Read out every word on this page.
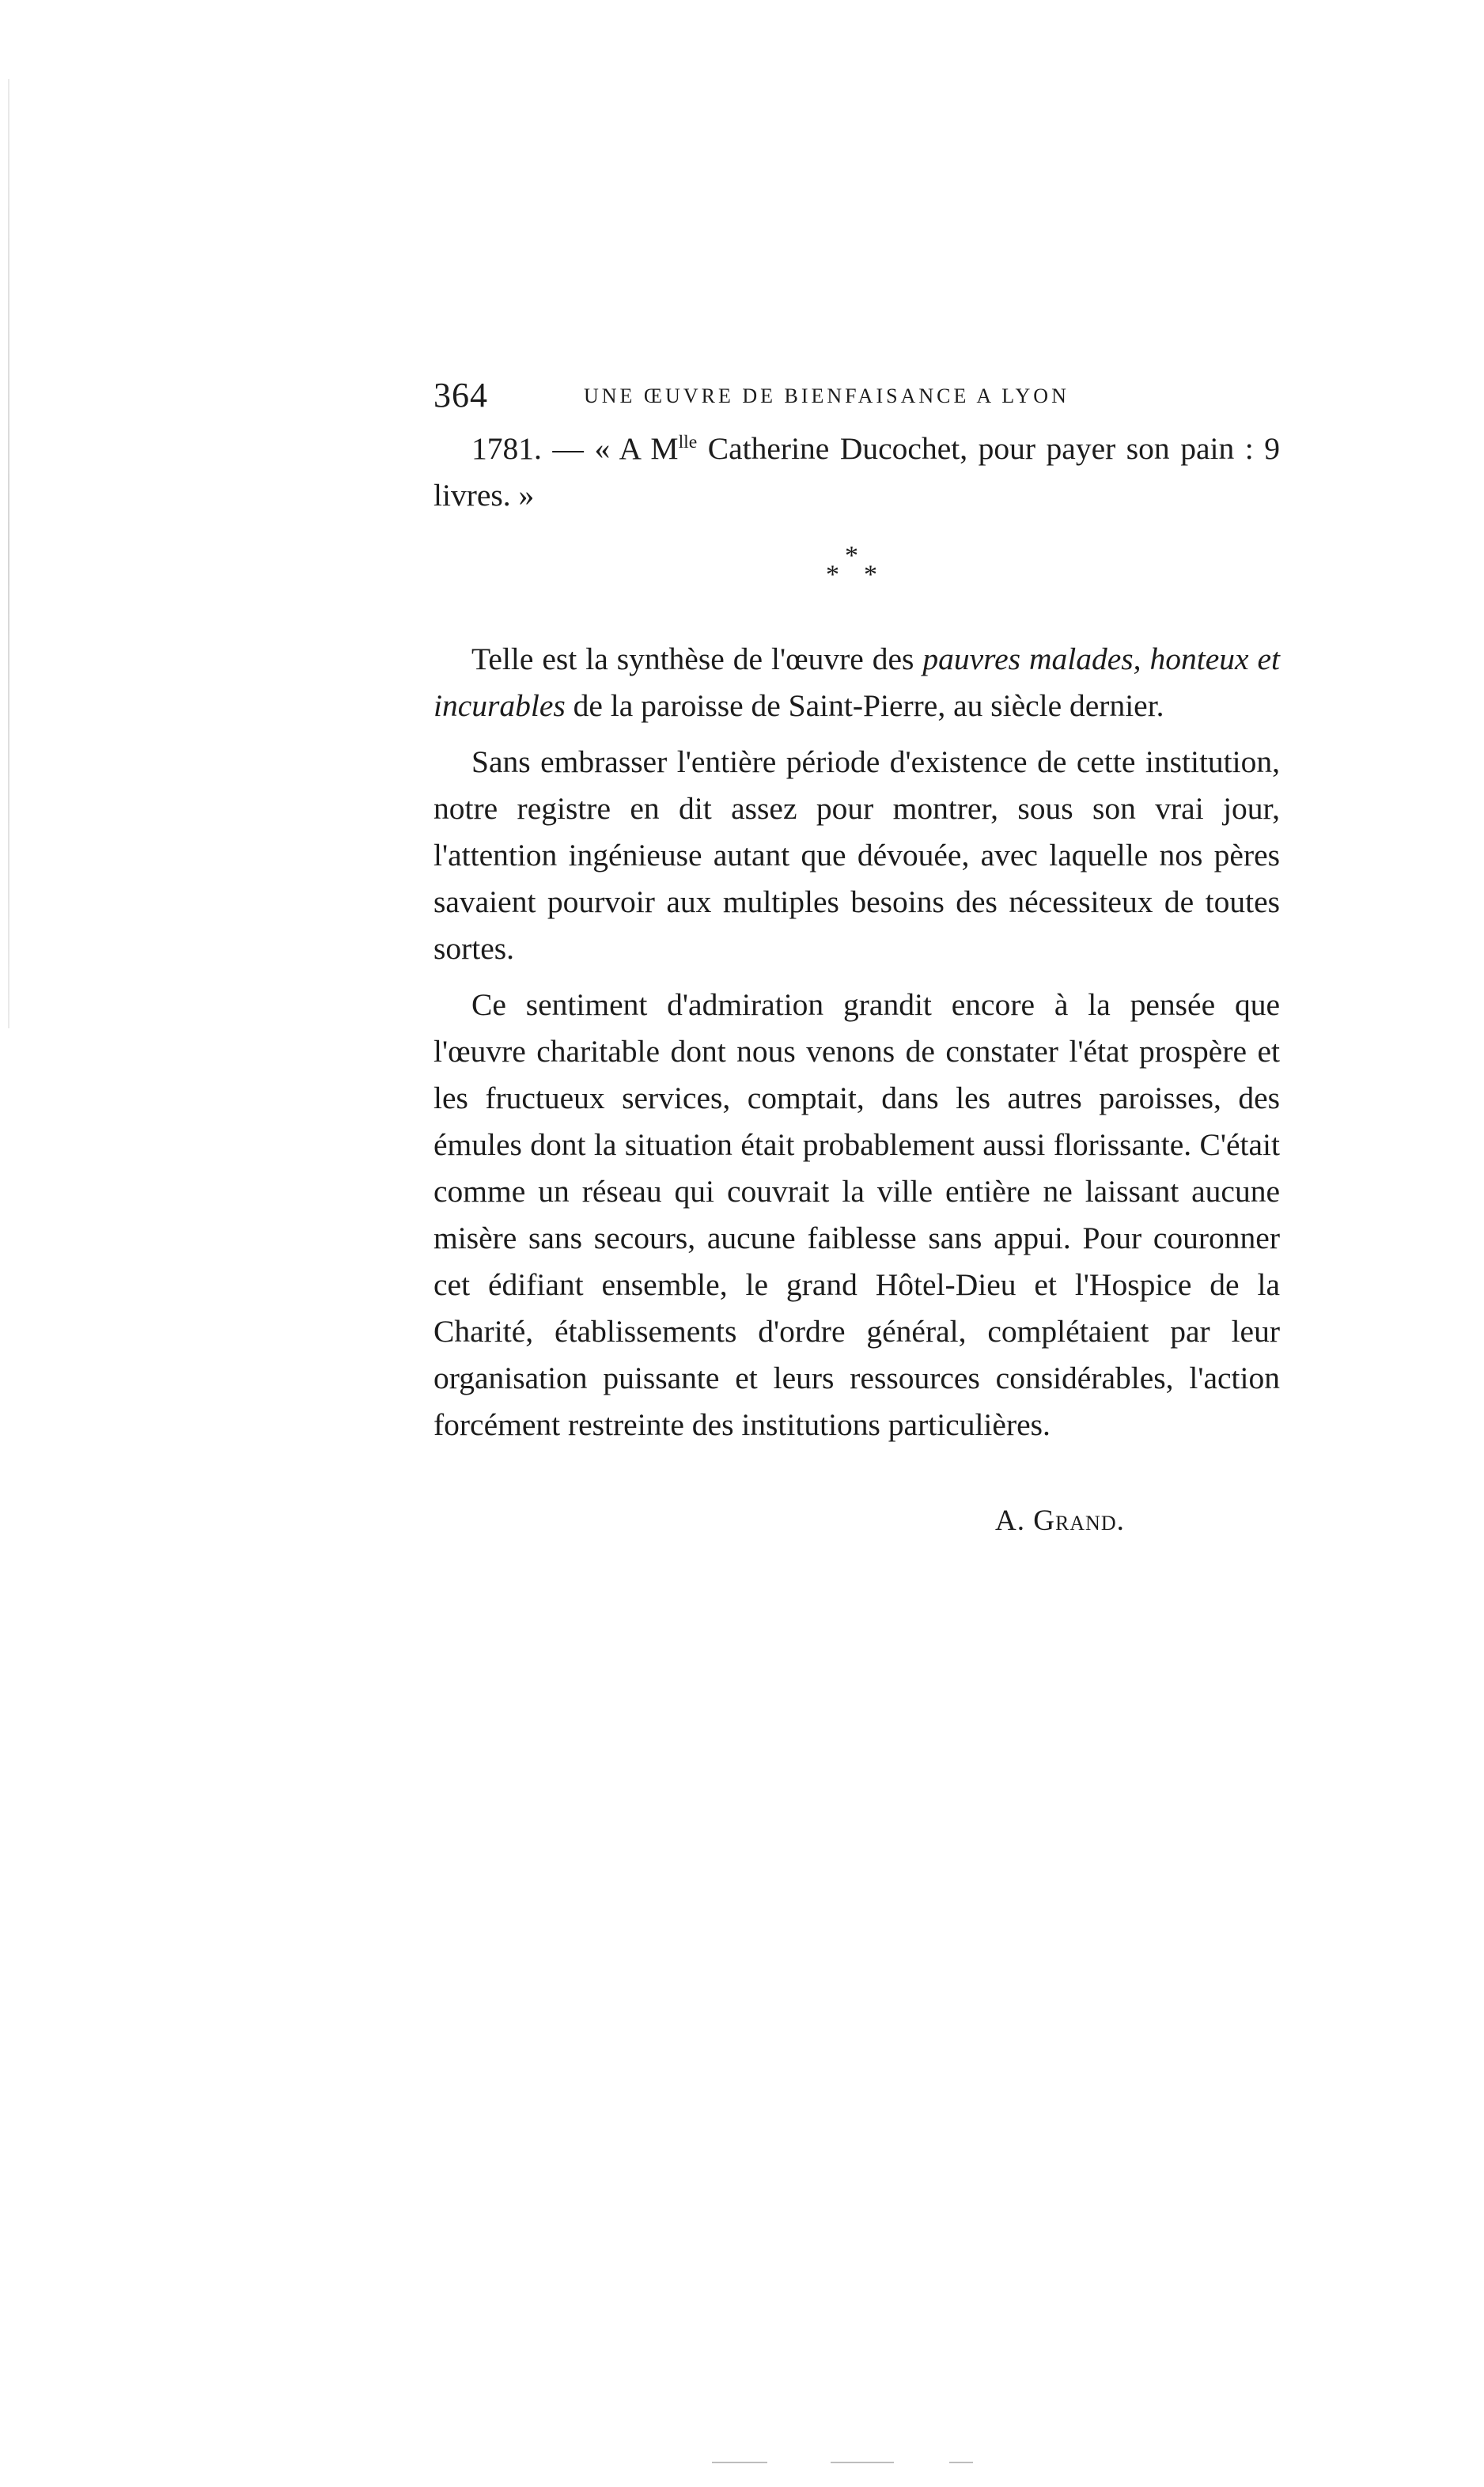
364	UNE ŒUVRE DE BIENFAISANCE A LYON

1781. — « A $M^{lle}$ Catherine Ducochet, pour payer son pain : 9 livres. »

*
* *

Telle est la synthèse de l'œuvre des pauvres malades, honteux et incurables de la paroisse de Saint-Pierre, au siècle dernier.

Sans embrasser l'entière période d'existence de cette institution, notre registre en dit assez pour montrer, sous son vrai jour, l'attention ingénieuse autant que dévouée, avec laquelle nos pères savaient pourvoir aux multiples besoins des nécessiteux de toutes sortes.

Ce sentiment d'admiration grandit encore à la pensée que l'œuvre charitable dont nous venons de constater l'état prospère et les fructueux services, comptait, dans les autres paroisses, des émules dont la situation était probablement aussi florissante. C'était comme un réseau qui couvrait la ville entière ne laissant aucune misère sans secours, aucune faiblesse sans appui. Pour couronner cet édifiant ensemble, le grand Hôtel-Dieu et l'Hospice de la Charité, établissements d'ordre général, complétaient par leur organisation puissante et leurs ressources considérables, l'action forcément restreinte des institutions particulières.

A. Grand.
